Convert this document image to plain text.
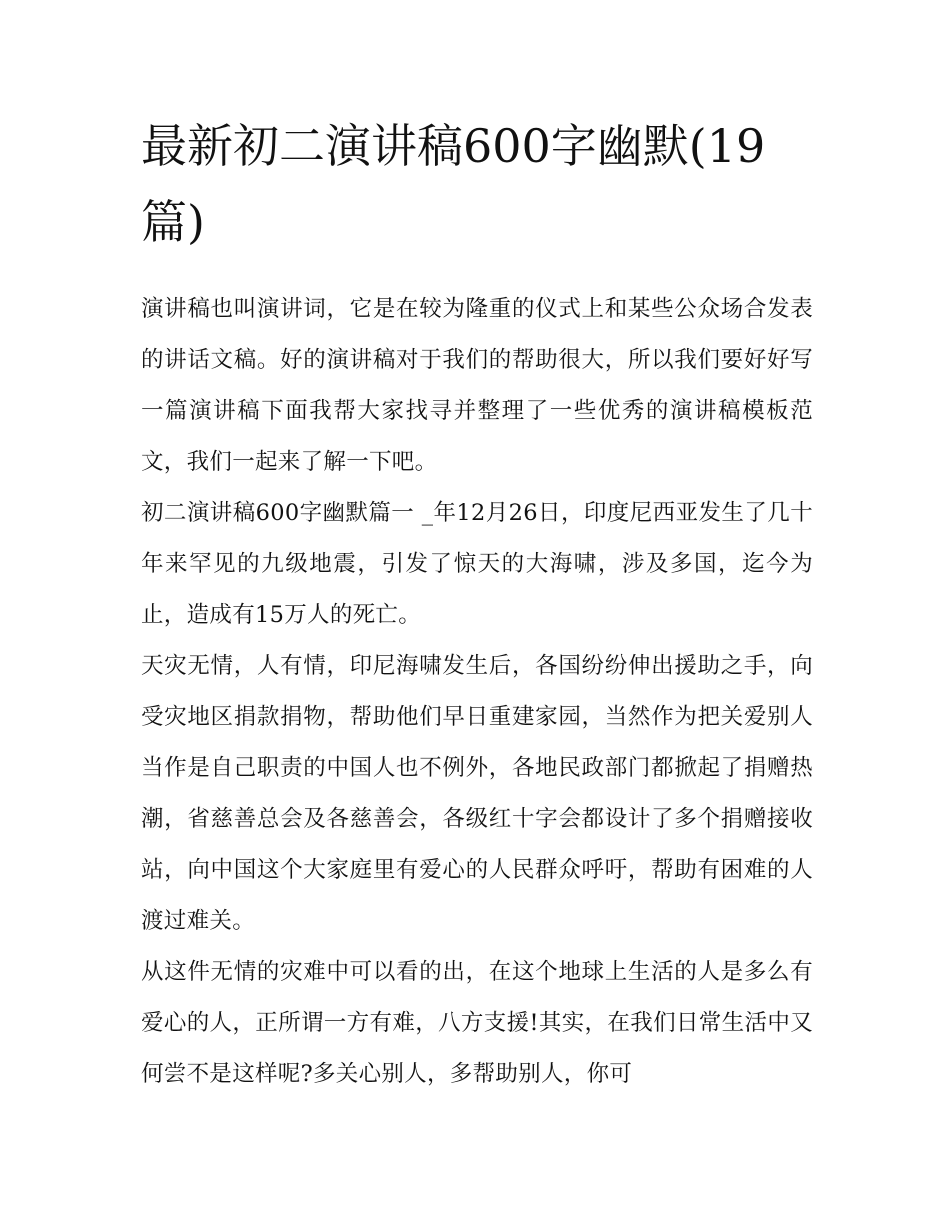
最新初二演讲稿600字幽默(19篇)

演讲稿也叫演讲词，它是在较为隆重的仪式上和某些公众场合发表的讲话文稿。好的演讲稿对于我们的帮助很大，所以我们要好好写一篇演讲稿下面我帮大家找寻并整理了一些优秀的演讲稿模板范文，我们一起来了解一下吧。

初二演讲稿600字幽默篇一 _年12月26日，印度尼西亚发生了几十年来罕见的九级地震，引发了惊天的大海啸，涉及多国，迄今为止，造成有15万人的死亡。

天灾无情，人有情，印尼海啸发生后，各国纷纷伸出援助之手，向受灾地区捐款捐物，帮助他们早日重建家园，当然作为把关爱别人当作是自己职责的中国人也不例外，各地民政部门都掀起了捐赠热潮，省慈善总会及各慈善会，各级红十字会都设计了多个捐赠接收站，向中国这个大家庭里有爱心的人民群众呼吁，帮助有困难的人渡过难关。

从这件无情的灾难中可以看的出，在这个地球上生活的人是多么有爱心的人，正所谓一方有难，八方支援!其实，在我们日常生活中又何尝不是这样呢?多关心别人，多帮助别人，你可
